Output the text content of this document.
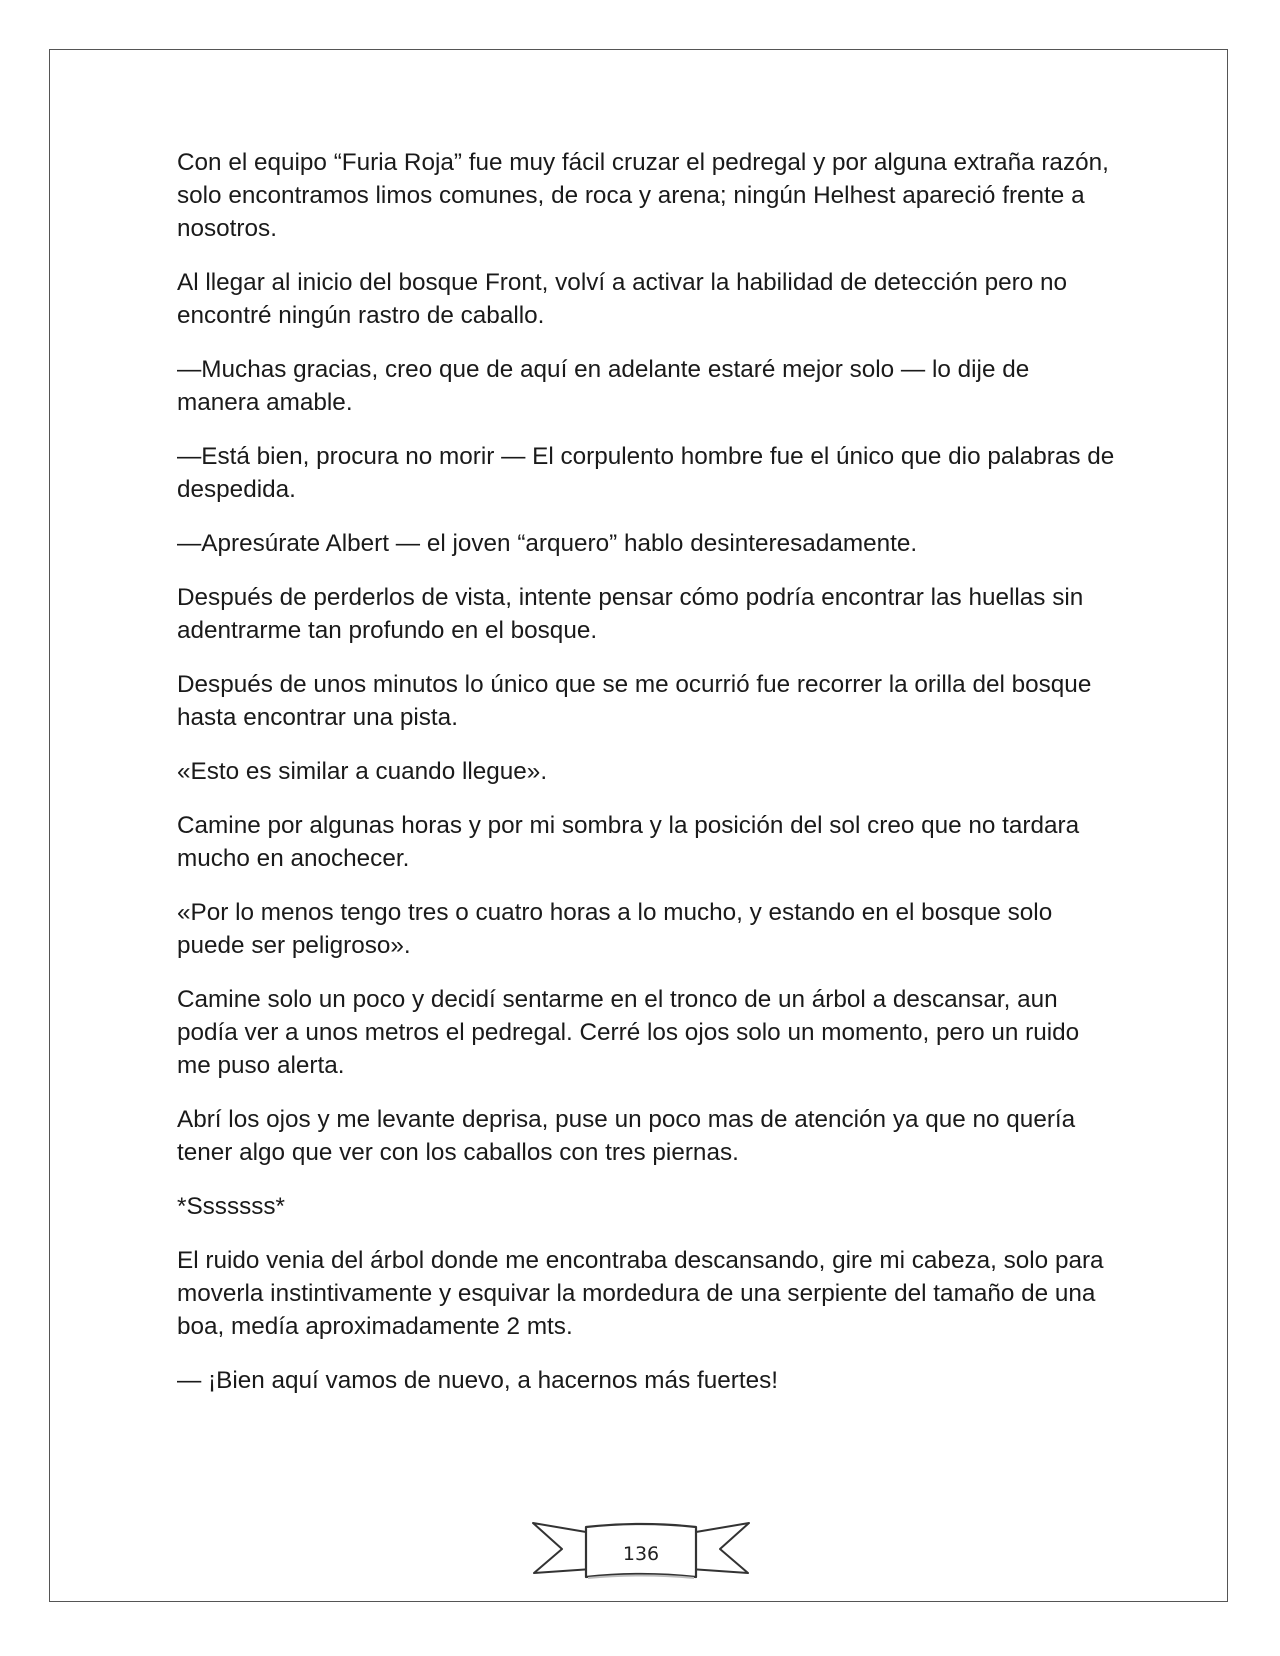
Con el equipo “Furia Roja” fue muy fácil cruzar el pedregal y por alguna extraña razón, solo encontramos limos comunes, de roca y arena; ningún Helhest apareció frente a nosotros.

Al llegar al inicio del bosque Front, volví a activar la habilidad de detección pero no encontré ningún rastro de caballo.

—Muchas gracias, creo que de aquí en adelante estaré mejor solo — lo dije de manera amable.

—Está bien, procura no morir — El corpulento hombre fue el único que dio palabras de despedida.

—Apresúrate Albert — el joven “arquero” hablo desinteresadamente.

Después de perderlos de vista, intente pensar cómo podría encontrar las huellas sin adentrarme tan profundo en el bosque.

Después de unos minutos lo único que se me ocurrió fue recorrer la orilla del bosque hasta encontrar una pista.

«Esto es similar a cuando llegue».

Camine por algunas horas y por mi sombra y la posición del sol creo que no tardara mucho en anochecer.

«Por lo menos tengo tres o cuatro horas a lo mucho, y estando en el bosque solo puede ser peligroso».

Camine solo un poco y decidí sentarme en el tronco de un árbol a descansar, aun podía ver a unos metros el pedregal. Cerré los ojos solo un momento, pero un ruido me puso alerta.

Abrí los ojos y me levante deprisa, puse un poco mas de atención ya que no quería tener algo que ver con los caballos con tres piernas.

*Sssssss*

El ruido venia del árbol donde me encontraba descansando, gire mi cabeza, solo para moverla instintivamente y esquivar la mordedura de una serpiente del tamaño de una boa, medía aproximadamente 2 mts.

— ¡Bien aquí vamos de nuevo, a hacernos más fuertes!

136
